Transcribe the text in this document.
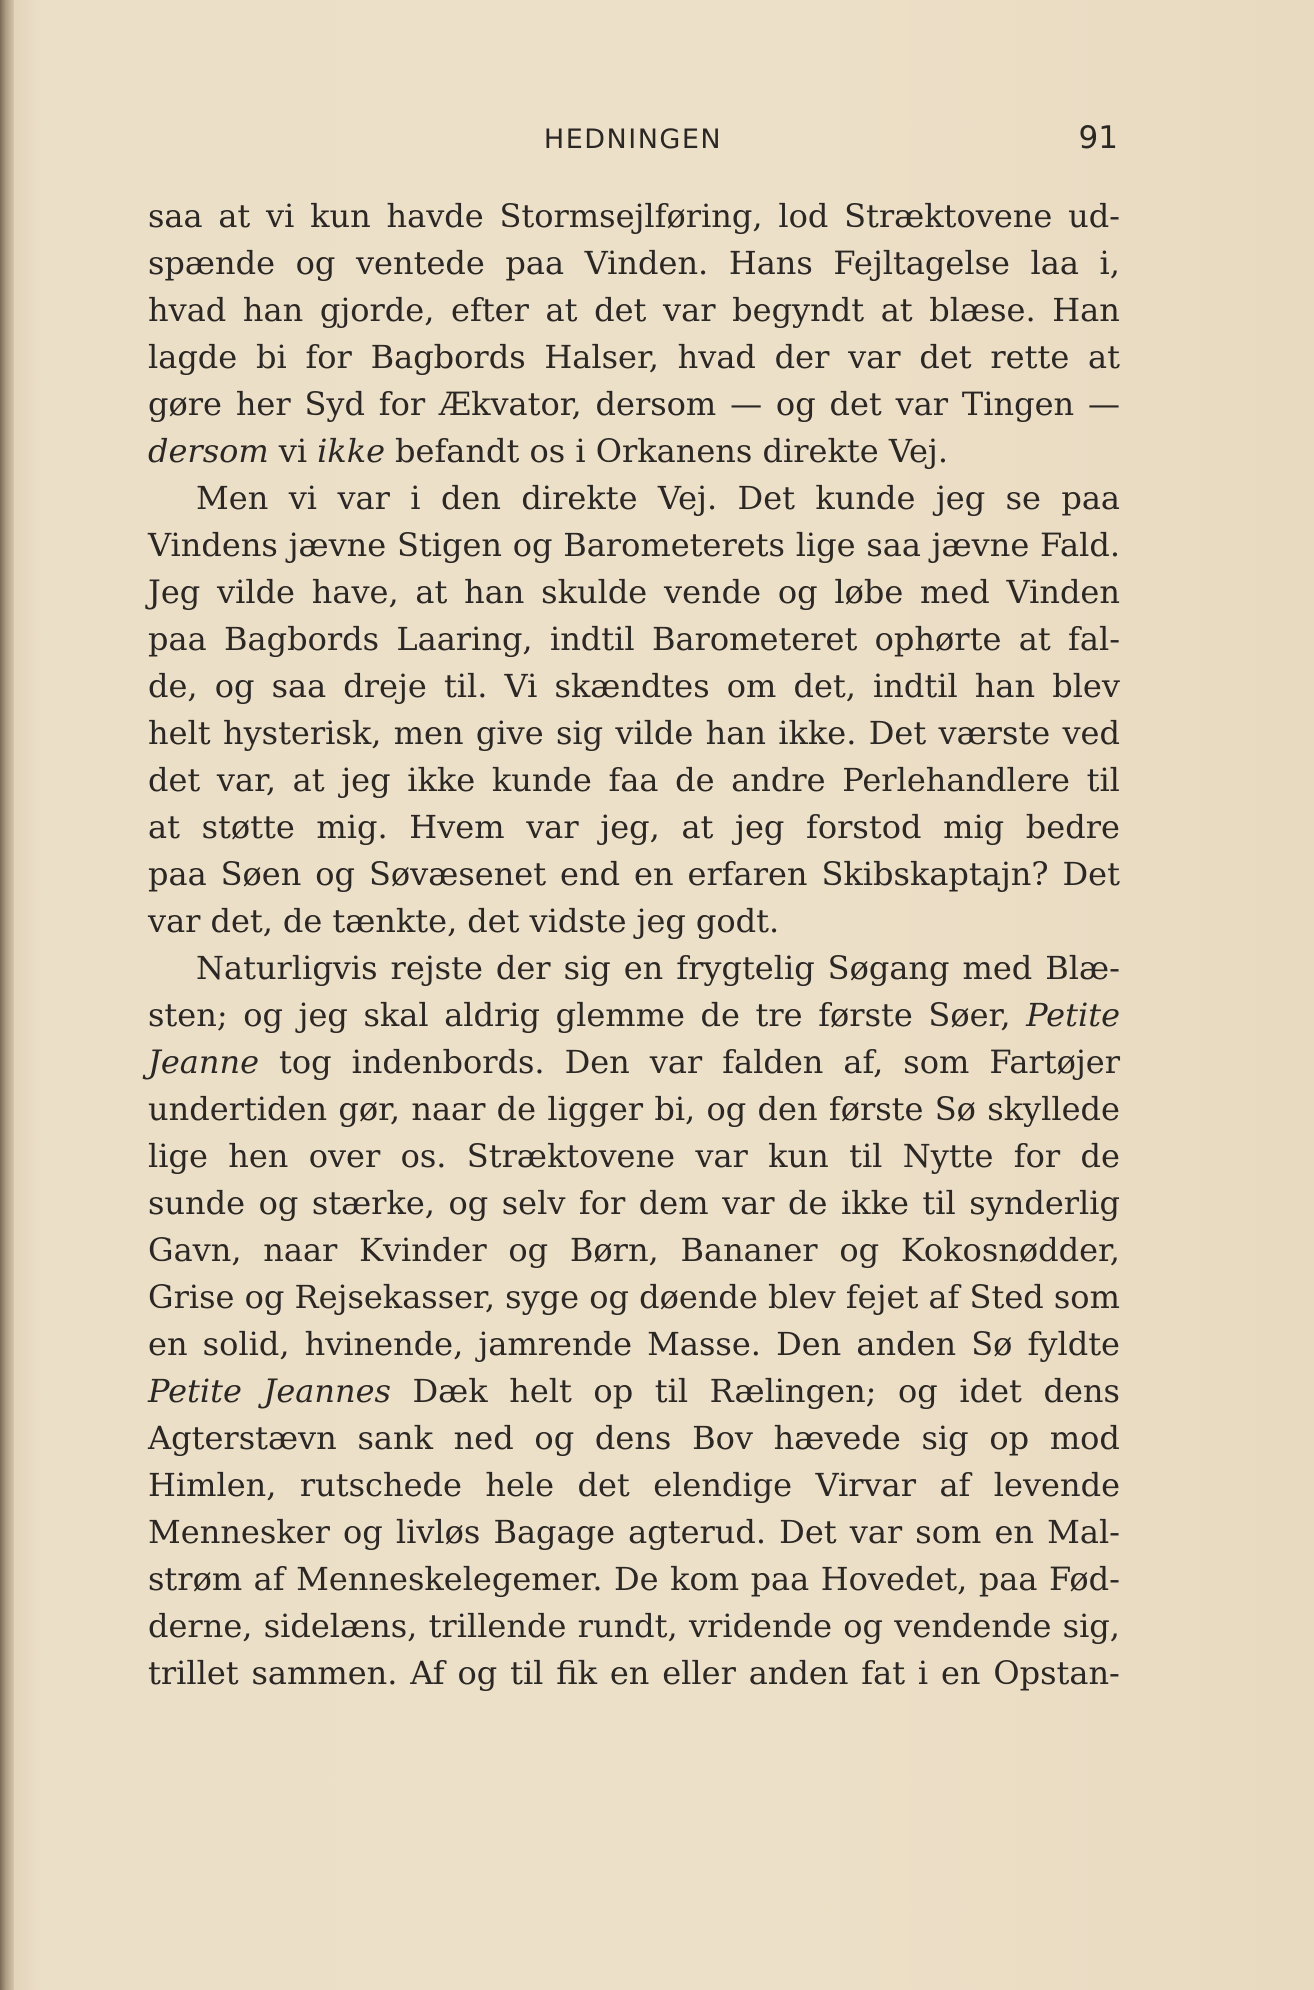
HEDNINGEN	91
saa at vi kun havde Stormsejlføring, lod Stræktovene ud-
spænde og ventede paa Vinden. Hans Fejltagelse laa i,
hvad han gjorde, efter at det var begyndt at blæse. Han
lagde bi for Bagbords Halser, hvad der var det rette at
gøre her Syd for Ækvator, dersom — og det var Tingen —
dersom vi ikke befandt os i Orkanens direkte Vej.
Men vi var i den direkte Vej. Det kunde jeg se paa
Vindens jævne Stigen og Barometerets lige saa jævne Fald.
Jeg vilde have, at han skulde vende og løbe med Vinden
paa Bagbords Laaring, indtil Barometeret ophørte at fal-
de, og saa dreje til. Vi skændtes om det, indtil han blev
helt hysterisk, men give sig vilde han ikke. Det værste ved
det var, at jeg ikke kunde faa de andre Perlehandlere til
at støtte mig. Hvem var jeg, at jeg forstod mig bedre
paa Søen og Søvæsenet end en erfaren Skibskaptajn? Det
var det, de tænkte, det vidste jeg godt.
Naturligvis rejste der sig en frygtelig Søgang med Blæ-
sten; og jeg skal aldrig glemme de tre første Søer, Petite
Jeanne tog indenbords. Den var falden af, som Fartøjer
undertiden gør, naar de ligger bi, og den første Sø skyllede
lige hen over os. Stræktovene var kun til Nytte for de
sunde og stærke, og selv for dem var de ikke til synderlig
Gavn, naar Kvinder og Børn, Bananer og Kokosnødder,
Grise og Rejsekasser, syge og døende blev fejet af Sted som
en solid, hvinende, jamrende Masse. Den anden Sø fyldte
Petite Jeannes Dæk helt op til Rælingen; og idet dens
Agterstævn sank ned og dens Bov hævede sig op mod
Himlen, rutschede hele det elendige Virvar af levende
Mennesker og livløs Bagage agterud. Det var som en Mal-
strøm af Menneskelegemer. De kom paa Hovedet, paa Fød-
derne, sidelæns, trillende rundt, vridende og vendende sig,
trillet sammen. Af og til fik en eller anden fat i en Opstan-
